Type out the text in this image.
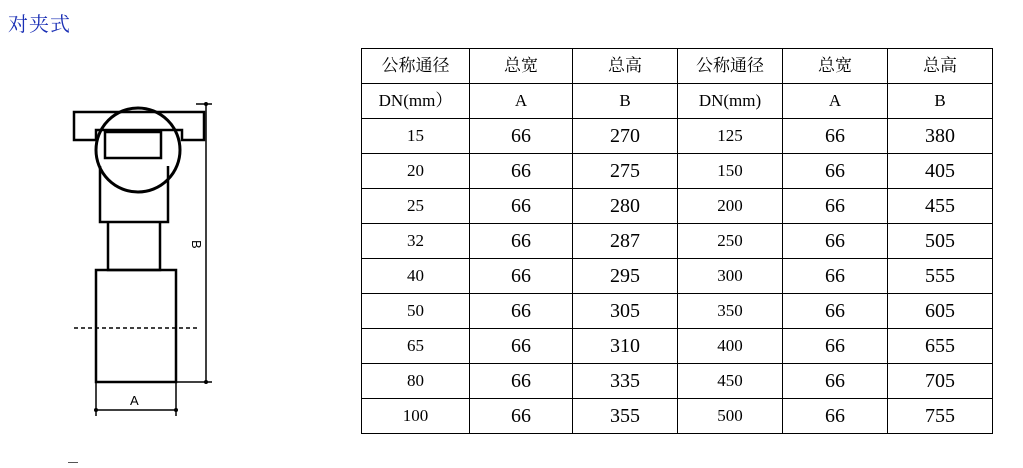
对夹式
B
A
公称通径	总宽	总高	公称通径	总宽	总高
DN(mm）	A	B	DN(mm)	A	B
15	66	270	125	66	380
20	66	275	150	66	405
25	66	280	200	66	455
32	66	287	250	66	505
40	66	295	300	66	555
50	66	305	350	66	605
65	66	310	400	66	655
80	66	335	450	66	705
100	66	355	500	66	755
